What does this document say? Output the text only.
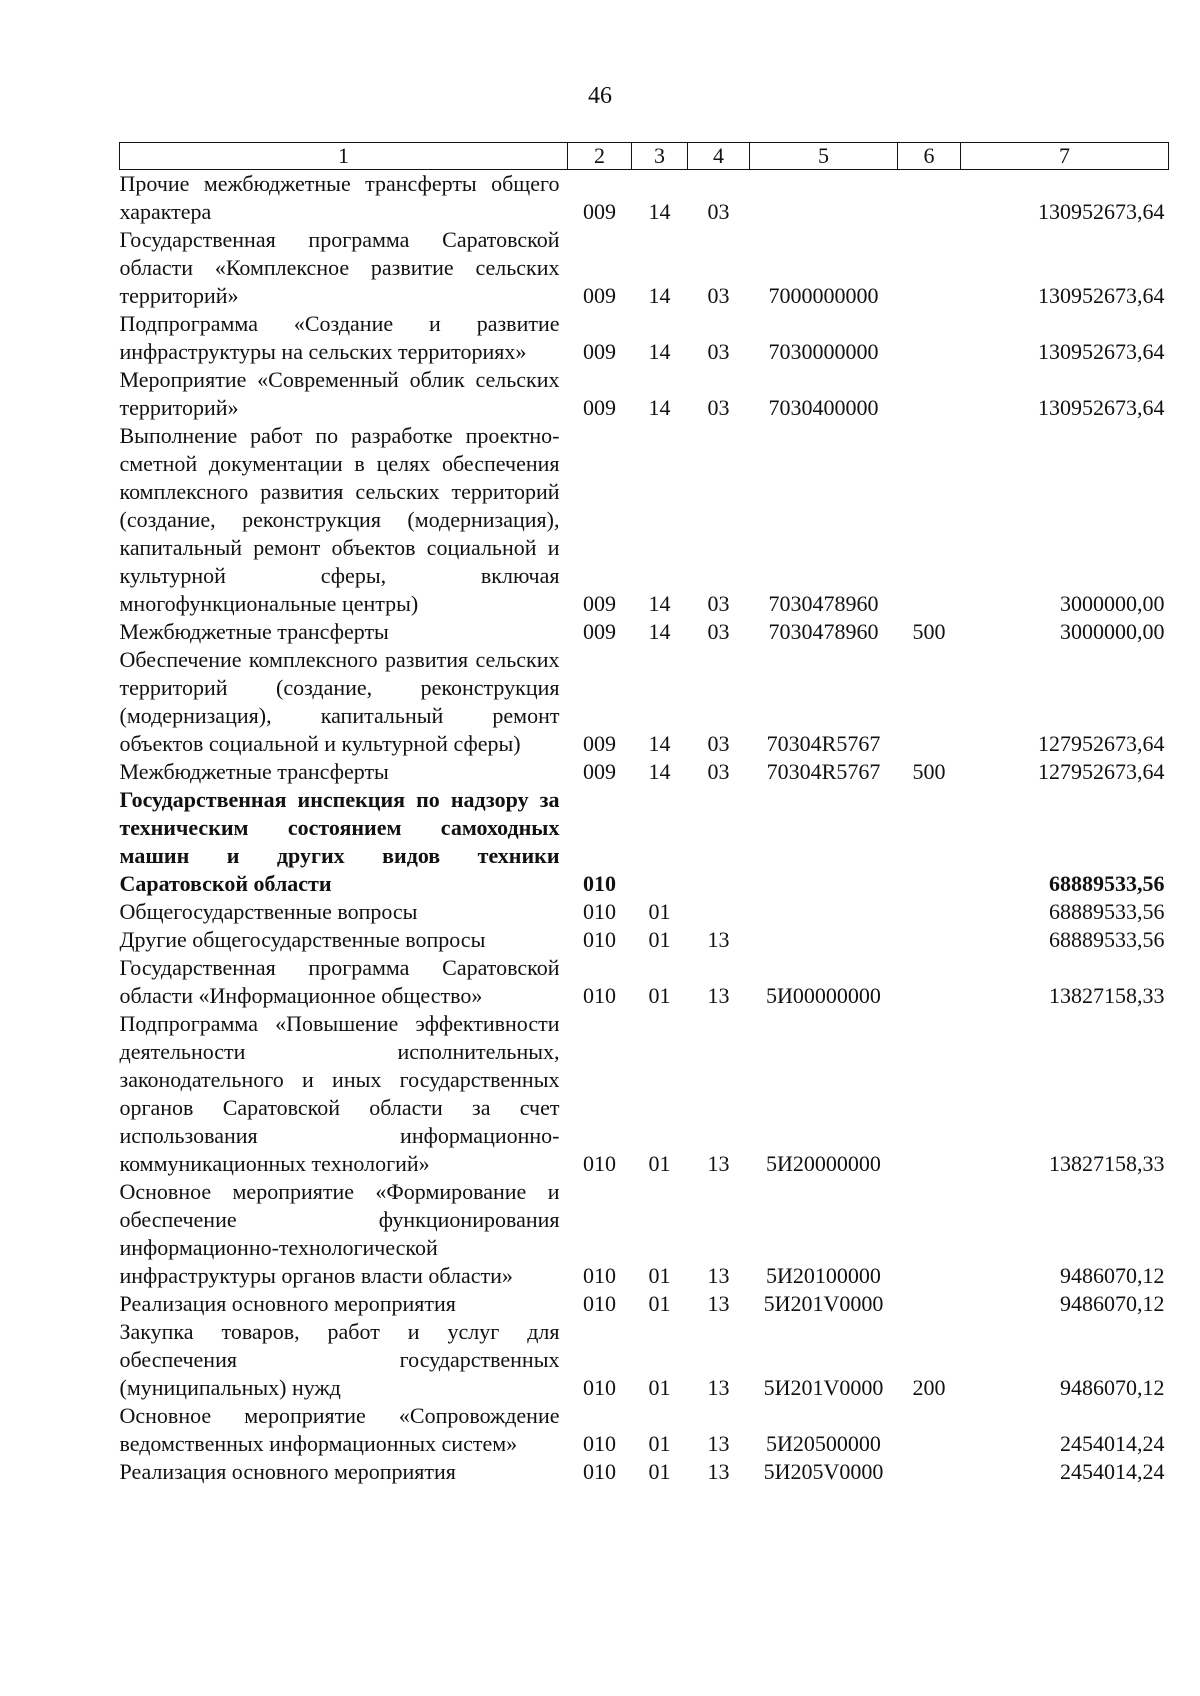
46
1	2	3	4	5	6	7
Прочие межбюджетные трансферты общего характера	009	14	03			130952673,64
Государственная программа Саратовской области «Комплексное развитие сельских территорий»	009	14	03	7000000000		130952673,64
Подпрограмма «Создание и развитие инфраструктуры на сельских территориях»	009	14	03	7030000000		130952673,64
Мероприятие «Современный облик сельских территорий»	009	14	03	7030400000		130952673,64
Выполнение работ по разработке проектно-сметной документации в целях обеспечения комплексного развития сельских территорий (создание, реконструкция (модернизация), капитальный ремонт объектов социальной и культурной сферы, включая многофункциональные центры)	009	14	03	7030478960		3000000,00
Межбюджетные трансферты	009	14	03	7030478960	500	3000000,00
Обеспечение комплексного развития сельских территорий (создание, реконструкция (модернизация), капитальный ремонт объектов социальной и культурной сферы)	009	14	03	70304R5767		127952673,64
Межбюджетные трансферты	009	14	03	70304R5767	500	127952673,64
Государственная инспекция по надзору за техническим состоянием самоходных машин и других видов техники Саратовской области	010					68889533,56
Общегосударственные вопросы	010	01				68889533,56
Другие общегосударственные вопросы	010	01	13			68889533,56
Государственная программа Саратовской области «Информационное общество»	010	01	13	5И00000000		13827158,33
Подпрограмма «Повышение эффективности деятельности исполнительных, законодательного и иных государственных органов Саратовской области за счет использования информационно-коммуникационных технологий»	010	01	13	5И20000000		13827158,33
Основное мероприятие «Формирование и обеспечение функционирования информационно-технологической инфраструктуры органов власти области»	010	01	13	5И20100000		9486070,12
Реализация основного мероприятия	010	01	13	5И201V0000		9486070,12
Закупка товаров, работ и услуг для обеспечения государственных (муниципальных) нужд	010	01	13	5И201V0000	200	9486070,12
Основное мероприятие «Сопровождение ведомственных информационных систем»	010	01	13	5И20500000		2454014,24
Реализация основного мероприятия	010	01	13	5И205V0000		2454014,24
